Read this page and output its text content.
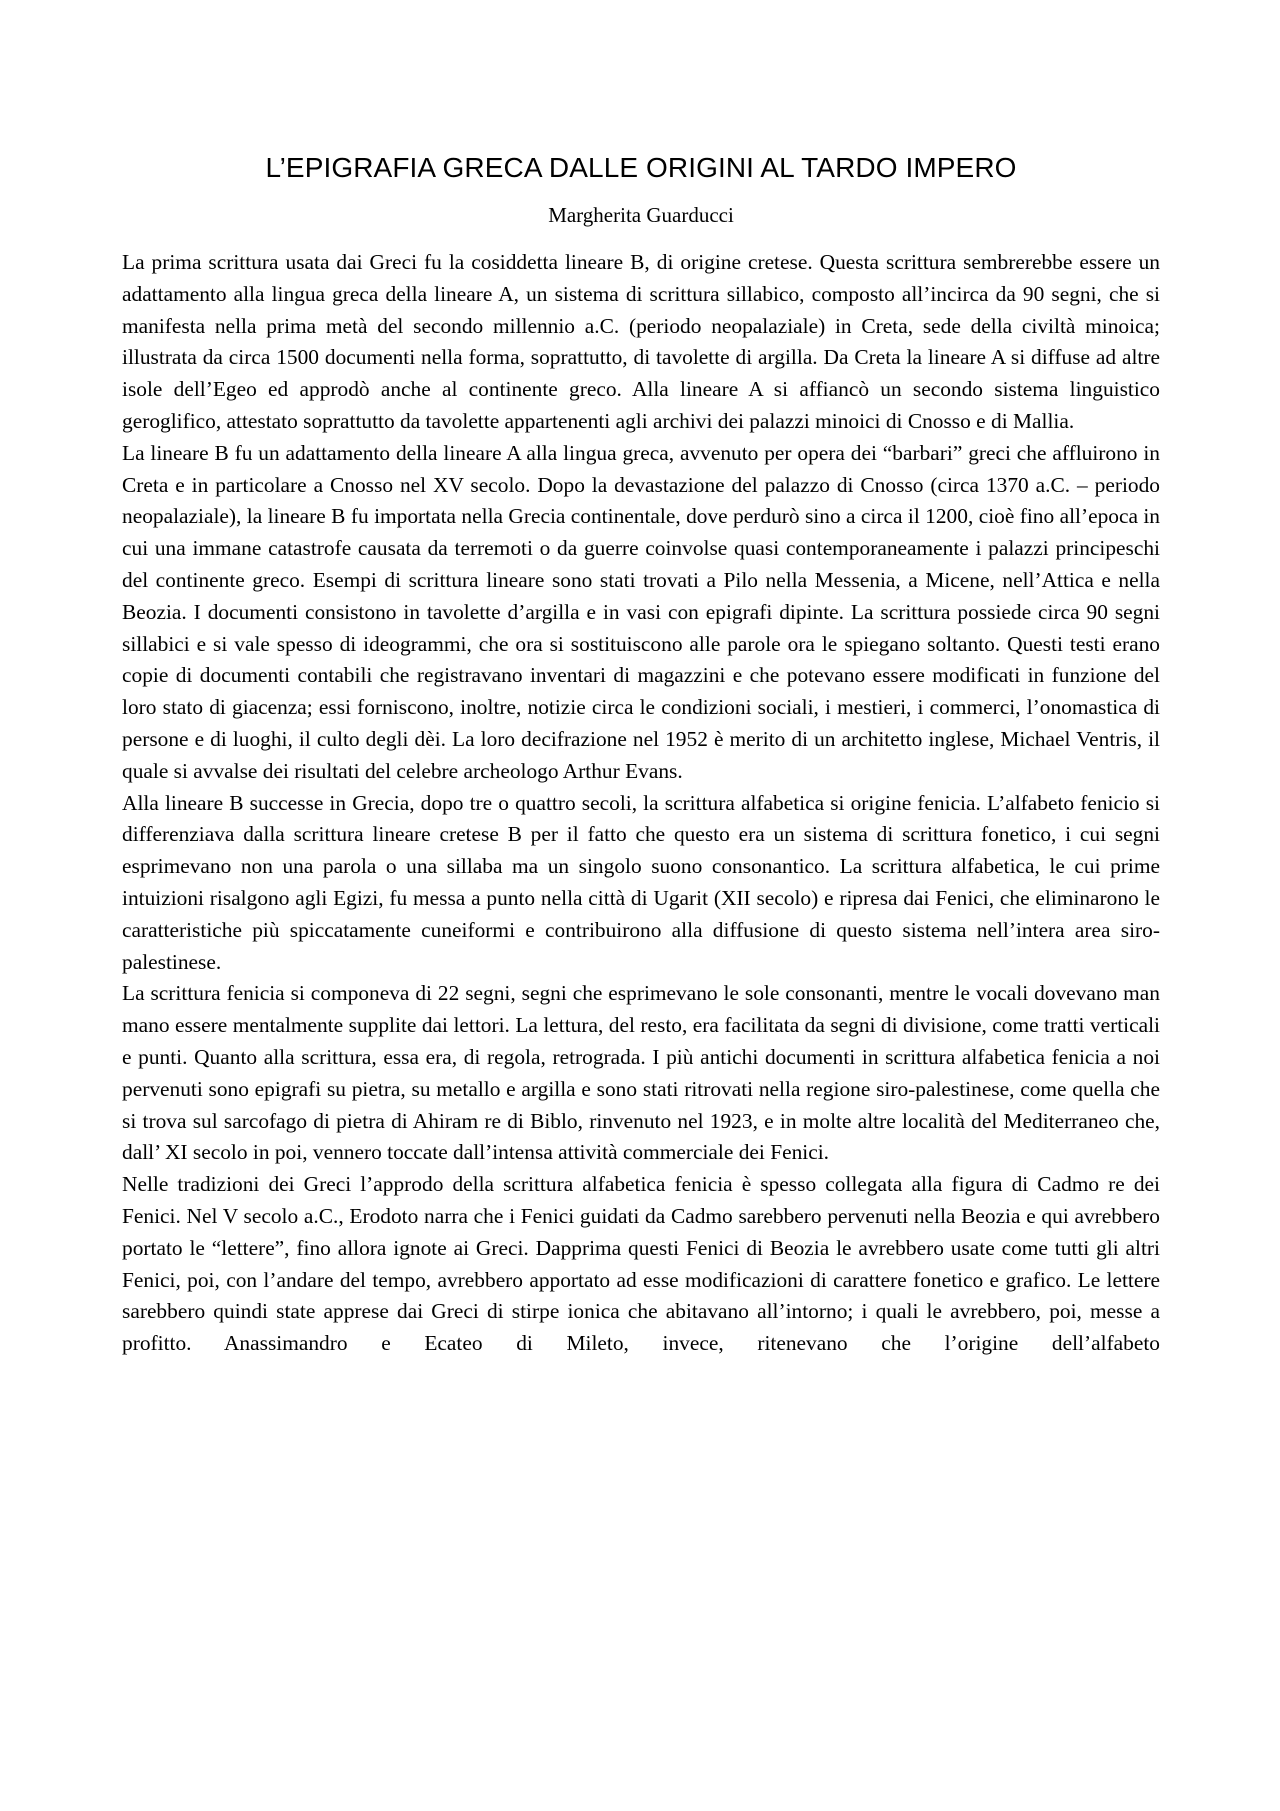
L’EPIGRAFIA GRECA DALLE ORIGINI AL TARDO IMPERO
Margherita Guarducci

La prima scrittura usata dai Greci fu la cosiddetta lineare B, di origine cretese. Questa scrittura sembrerebbe essere un adattamento alla lingua greca della lineare A, un sistema di scrittura sillabico, composto all’incirca da 90 segni, che si manifesta nella prima metà del secondo millennio a.C. (periodo neopalaziale) in Creta, sede della civiltà minoica; illustrata da circa 1500 documenti nella forma, soprattutto, di tavolette di argilla. Da Creta la lineare A si diffuse ad altre isole dell’Egeo ed approdò anche al continente greco. Alla lineare A si affiancò un secondo sistema linguistico geroglifico, attestato soprattutto da tavolette appartenenti agli archivi dei palazzi minoici di Cnosso e di Mallia.

La lineare B fu un adattamento della lineare A alla lingua greca, avvenuto per opera dei “barbari” greci che affluirono in Creta e in particolare a Cnosso nel XV secolo. Dopo la devastazione del palazzo di Cnosso (circa 1370 a.C. – periodo neopalaziale), la lineare B fu importata nella Grecia continentale, dove perdurò sino a circa il 1200, cioè fino all’epoca in cui una immane catastrofe causata da terremoti o da guerre coinvolse quasi contemporaneamente i palazzi principeschi del continente greco. Esempi di scrittura lineare sono stati trovati a Pilo nella Messenia, a Micene, nell’Attica e nella Beozia. I documenti consistono in tavolette d’argilla e in vasi con epigrafi dipinte. La scrittura possiede circa 90 segni sillabici e si vale spesso di ideogrammi, che ora si sostituiscono alle parole ora le spiegano soltanto. Questi testi erano copie di documenti contabili che registravano inventari di magazzini e che potevano essere modificati in funzione del loro stato di giacenza; essi forniscono, inoltre, notizie circa le condizioni sociali, i mestieri, i commerci, l’onomastica di persone e di luoghi, il culto degli dèi. La loro decifrazione nel 1952 è merito di un architetto inglese, Michael Ventris, il quale si avvalse dei risultati del celebre archeologo Arthur Evans.

Alla lineare B successe in Grecia, dopo tre o quattro secoli, la scrittura alfabetica si origine fenicia. L’alfabeto fenicio si differenziava dalla scrittura lineare cretese B per il fatto che questo era un sistema di scrittura fonetico, i cui segni esprimevano non una parola o una sillaba ma un singolo suono consonantico. La scrittura alfabetica, le cui prime intuizioni risalgono agli Egizi, fu messa a punto nella città di Ugarit (XII secolo) e ripresa dai Fenici, che eliminarono le caratteristiche più spiccatamente cuneiformi e contribuirono alla diffusione di questo sistema nell’intera area siro-palestinese.

La scrittura fenicia si componeva di 22 segni, segni che esprimevano le sole consonanti, mentre le vocali dovevano man mano essere mentalmente supplite dai lettori. La lettura, del resto, era facilitata da segni di divisione, come tratti verticali e punti. Quanto alla scrittura, essa era, di regola, retrograda. I più antichi documenti in scrittura alfabetica fenicia a noi pervenuti sono epigrafi su pietra, su metallo e argilla e sono stati ritrovati nella regione siro-palestinese, come quella che si trova sul sarcofago di pietra di Ahiram re di Biblo, rinvenuto nel 1923, e in molte altre località del Mediterraneo che, dall’ XI secolo in poi, vennero toccate dall’intensa attività commerciale dei Fenici.

Nelle tradizioni dei Greci l’approdo della scrittura alfabetica fenicia è spesso collegata alla figura di Cadmo re dei Fenici. Nel V secolo a.C., Erodoto narra che i Fenici guidati da Cadmo sarebbero pervenuti nella Beozia e qui avrebbero portato le “lettere”, fino allora ignote ai Greci. Dapprima questi Fenici di Beozia le avrebbero usate come tutti gli altri Fenici, poi, con l’andare del tempo, avrebbero apportato ad esse modificazioni di carattere fonetico e grafico. Le lettere sarebbero quindi state apprese dai Greci di stirpe ionica che abitavano all’intorno; i quali le avrebbero, poi, messe a profitto. Anassimandro e Ecateo di Mileto, invece, ritenevano che l’origine dell’alfabeto
